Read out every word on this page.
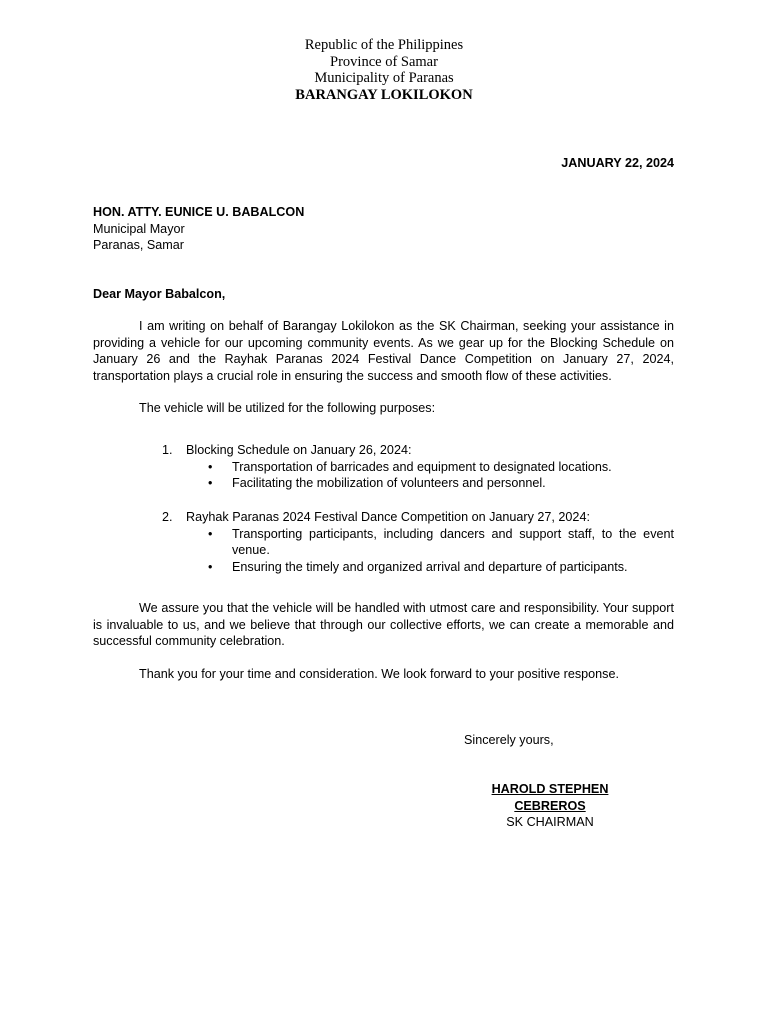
Republic of the Philippines
Province of Samar
Municipality of Paranas
BARANGAY LOKILOKON
JANUARY 22, 2024
HON. ATTY. EUNICE U. BABALCON
Municipal Mayor
Paranas, Samar
Dear Mayor Babalcon,
I am writing on behalf of Barangay Lokilokon as the SK Chairman, seeking your assistance in providing a vehicle for our upcoming community events. As we gear up for the Blocking Schedule on January 26 and the Rayhak Paranas 2024 Festival Dance Competition on January 27, 2024, transportation plays a crucial role in ensuring the success and smooth flow of these activities.
The vehicle will be utilized for the following purposes:
1. Blocking Schedule on January 26, 2024:
• Transportation of barricades and equipment to designated locations.
• Facilitating the mobilization of volunteers and personnel.
2. Rayhak Paranas 2024 Festival Dance Competition on January 27, 2024:
• Transporting participants, including dancers and support staff, to the event venue.
• Ensuring the timely and organized arrival and departure of participants.
We assure you that the vehicle will be handled with utmost care and responsibility. Your support is invaluable to us, and we believe that through our collective efforts, we can create a memorable and successful community celebration.
Thank you for your time and consideration. We look forward to your positive response.
Sincerely yours,
HAROLD STEPHEN CEBREROS
SK CHAIRMAN
